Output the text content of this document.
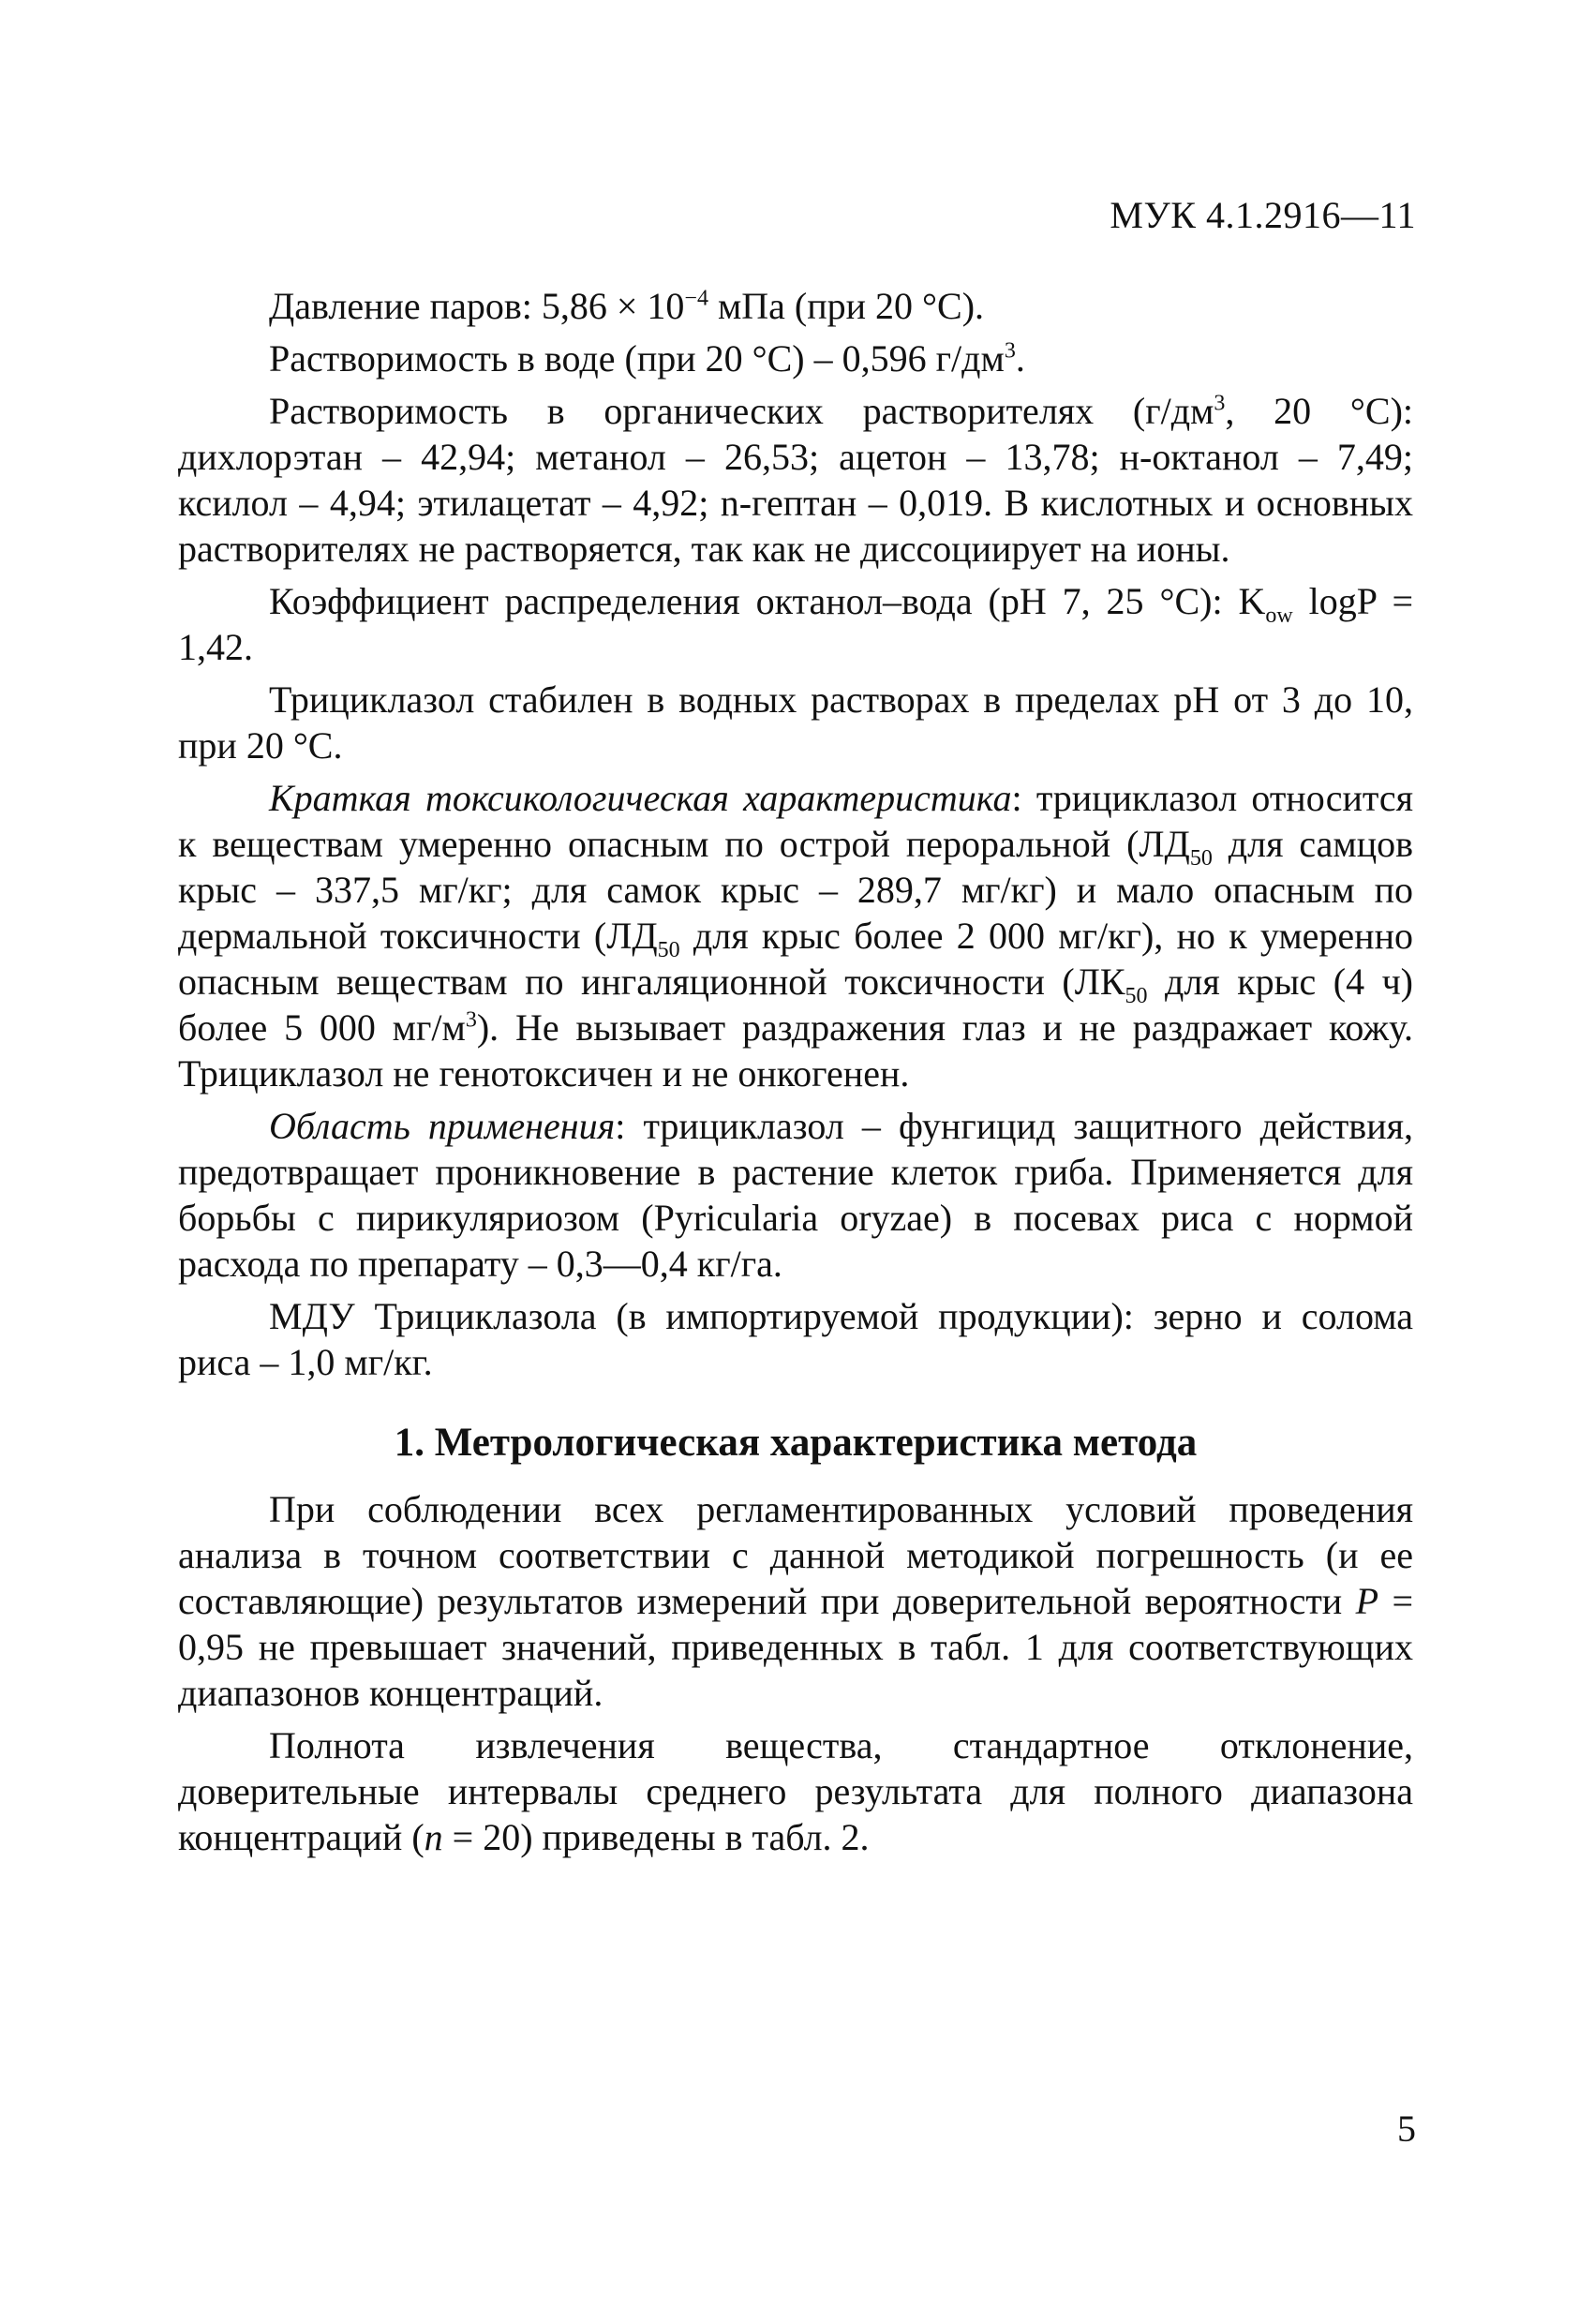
МУК 4.1.2916—11

Давление паров: $5,86 \times 10^{-4}$ мПа (при 20 °С).

Растворимость в воде (при 20 °С) – 0,596 $г/дм^3$.

Растворимость в органических растворителях ($г/дм^3$, 20 °С): дихлорэтан – 42,94; метанол – 26,53; ацетон – 13,78; н-октанол – 7,49; ксилол – 4,94; этилацетат – 4,92; n-гептан – 0,019. В кислотных и основных растворителях не растворяется, так как не диссоциирует на ионы.

Коэффициент распределения октанол–вода (рН 7, 25 °С): $K_{ow}$ logP = 1,42.

Трициклазол стабилен в водных растворах в пределах рН от 3 до 10, при 20 °С.

Краткая токсикологическая характеристика: трициклазол относится к веществам умеренно опасным по острой пероральной ($ЛД_{50}$ для самцов крыс – 337,5 мг/кг; для самок крыс – 289,7 мг/кг) и мало опасным по дермальной токсичности ($ЛД_{50}$ для крыс более 2 000 мг/кг), но к умеренно опасным веществам по ингаляционной токсичности ($ЛК_{50}$ для крыс (4 ч) более 5 000 $мг/м^3$). Не вызывает раздражения глаз и не раздражает кожу. Трициклазол не генотоксичен и не онкогенен.

Область применения: трициклазол – фунгицид защитного действия, предотвращает проникновение в растение клеток гриба. Применяется для борьбы с пирикуляриозом (Pyricularia oryzae) в посевах риса с нормой расхода по препарату – 0,3—0,4 кг/га.

МДУ Трициклазола (в импортируемой продукции): зерно и солома риса – 1,0 мг/кг.

1. Метрологическая характеристика метода

При соблюдении всех регламентированных условий проведения анализа в точном соответствии с данной методикой погрешность (и ее составляющие) результатов измерений при доверительной вероятности P = 0,95 не превышает значений, приведенных в табл. 1 для соответствующих диапазонов концентраций.

Полнота извлечения вещества, стандартное отклонение, доверительные интервалы среднего результата для полного диапазона концентраций (n = 20) приведены в табл. 2.

5
